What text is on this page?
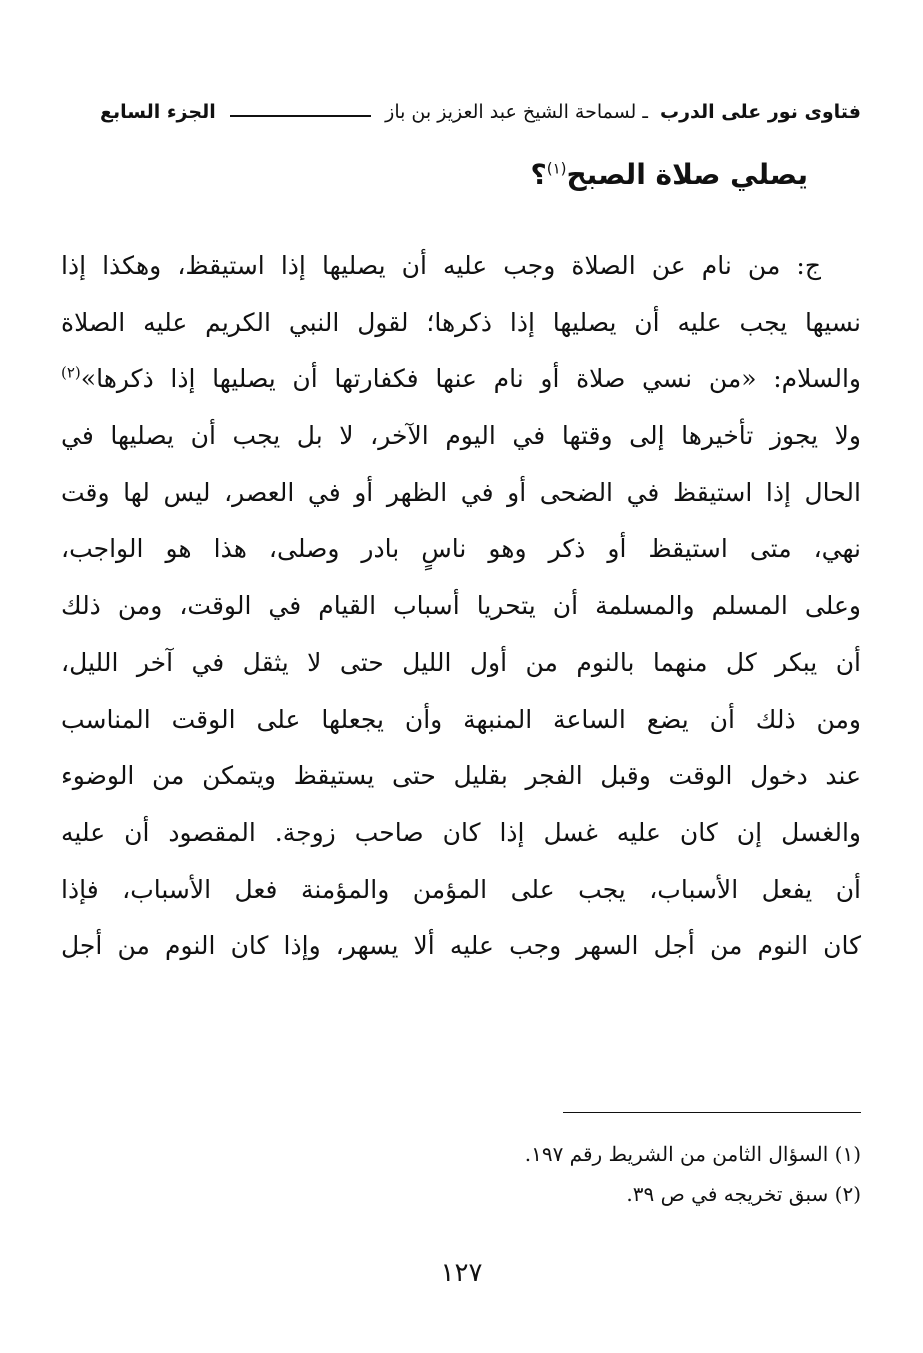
فتاوى نور على الدرب ـ لسماحة الشيخ عبد العزيز بن باز
الجزء السابع
يصلي صلاة الصبح$^{(١)}$؟
ج: من نام عن الصلاة وجب عليه أن يصليها إذا استيقظ، وهكذا إذا
نسيها يجب عليه أن يصليها إذا ذكرها؛ لقول النبي الكريم عليه الصلاة
والسلام: «من نسي صلاة أو نام عنها فكفارتها أن يصليها إذا ذكرها»$^{(٢)}$
ولا يجوز تأخيرها إلى وقتها في اليوم الآخر، لا بل يجب أن يصليها في
الحال إذا استيقظ في الضحى أو في الظهر أو في العصر، ليس لها وقت
نهي، متى استيقظ أو ذكر وهو ناسٍ بادر وصلى، هذا هو الواجب،
وعلى المسلم والمسلمة أن يتحريا أسباب القيام في الوقت، ومن ذلك
أن يبكر كل منهما بالنوم من أول الليل حتى لا يثقل في آخر الليل،
ومن ذلك أن يضع الساعة المنبهة وأن يجعلها على الوقت المناسب
عند دخول الوقت وقبل الفجر بقليل حتى يستيقظ ويتمكن من الوضوء
والغسل إن كان عليه غسل إذا كان صاحب زوجة. المقصود أن عليه
أن يفعل الأسباب، يجب على المؤمن والمؤمنة فعل الأسباب، فإذا
كان النوم من أجل السهر وجب عليه ألا يسهر، وإذا كان النوم من أجل
(١) السؤال الثامن من الشريط رقم ١٩٧.
(٢) سبق تخريجه في ص ٣٩.
١٢٧
